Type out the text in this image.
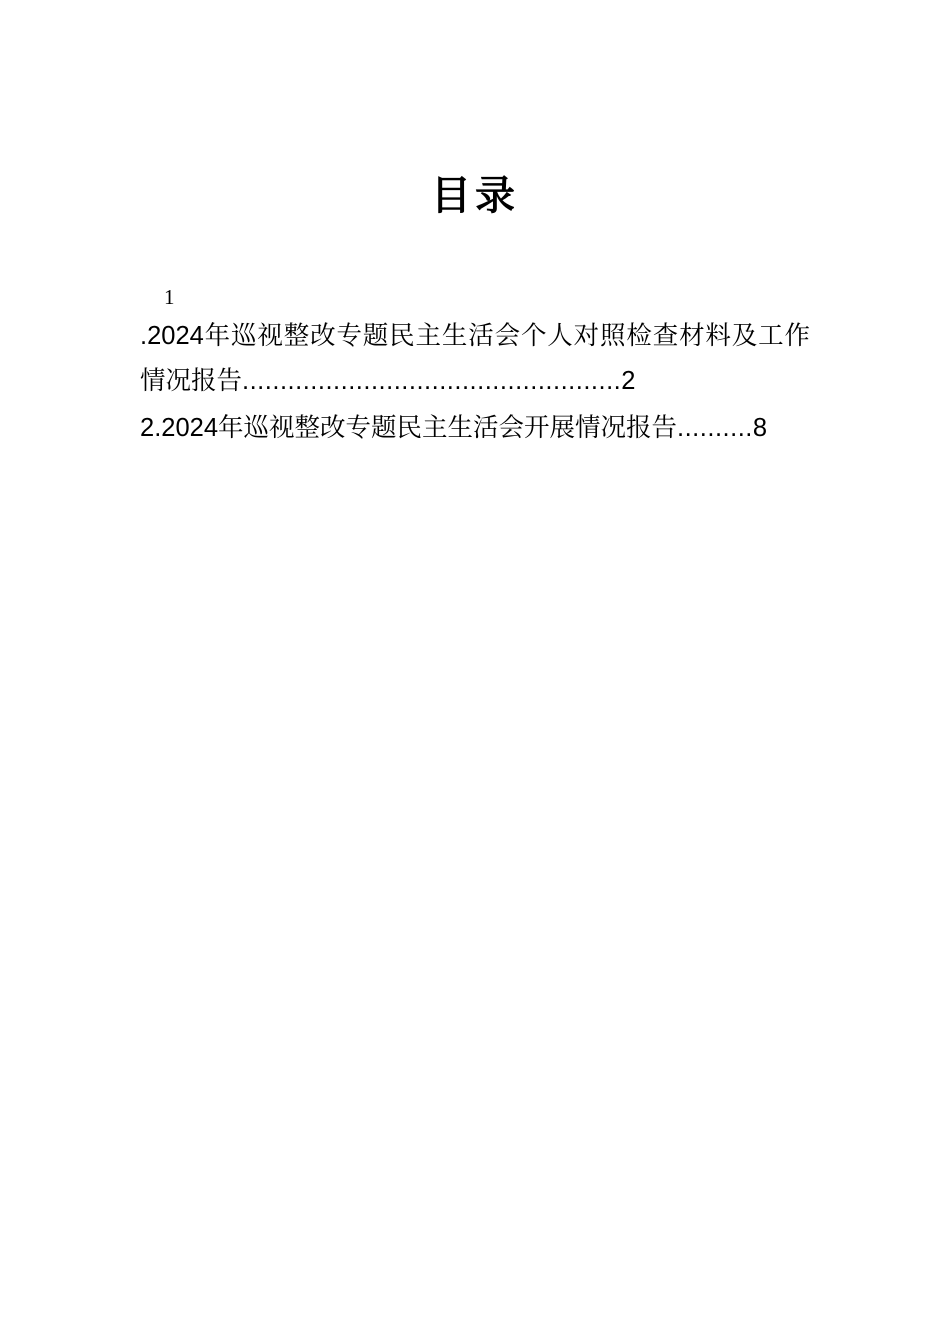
目录
1
.2024年巡视整改专题民主生活会个人对照检查材料及工作情况报告..................................................2
2.2024年巡视整改专题民主生活会开展情况报告..........8
